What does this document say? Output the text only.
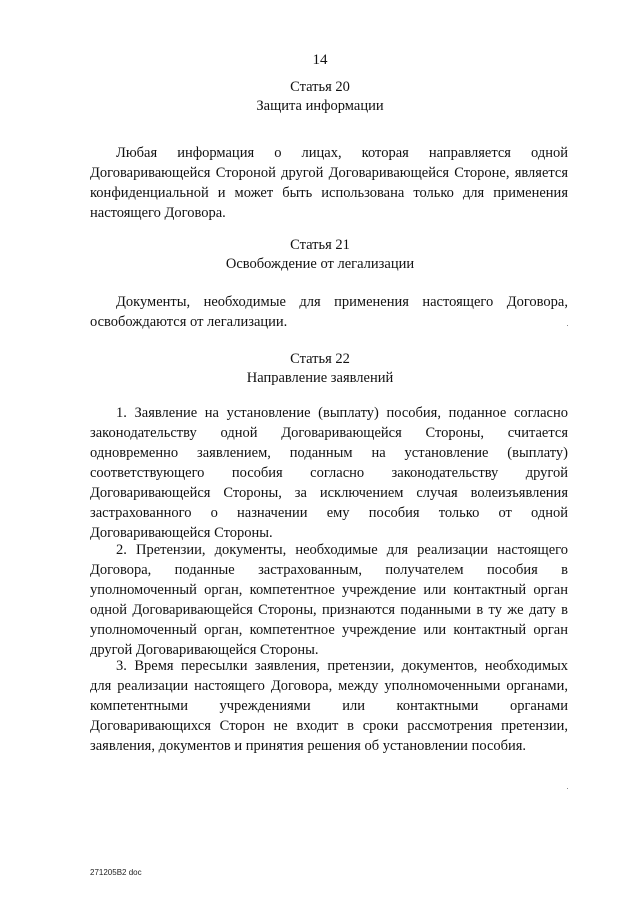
14
Статья 20
Защита информации
Любая информация о лицах, которая направляется одной Договаривающейся Стороной другой Договаривающейся Стороне, является конфиденциальной и может быть использована только для применения настоящего Договора.
Статья 21
Освобождение от легализации
Документы, необходимые для применения настоящего Договора, освобождаются от легализации.
Статья 22
Направление заявлений
1. Заявление на установление (выплату) пособия, поданное согласно законодательству одной Договаривающейся Стороны, считается одновременно заявлением, поданным на установление (выплату) соответствующего пособия согласно законодательству другой Договаривающейся Стороны, за исключением случая волеизъявления застрахованного о назначении ему пособия только от одной Договаривающейся Стороны.
2. Претензии, документы, необходимые для реализации настоящего Договора, поданные застрахованным, получателем пособия в уполномоченный орган, компетентное учреждение или контактный орган одной Договаривающейся Стороны, признаются поданными в ту же дату в уполномоченный орган, компетентное учреждение или контактный орган другой Договаривающейся Стороны.
3. Время пересылки заявления, претензии, документов, необходимых для реализации настоящего Договора, между уполномоченными органами, компетентными учреждениями или контактными органами Договаривающихся Сторон не входит в сроки рассмотрения претензии, заявления, документов и принятия решения об установлении пособия.
271205В2 doc
